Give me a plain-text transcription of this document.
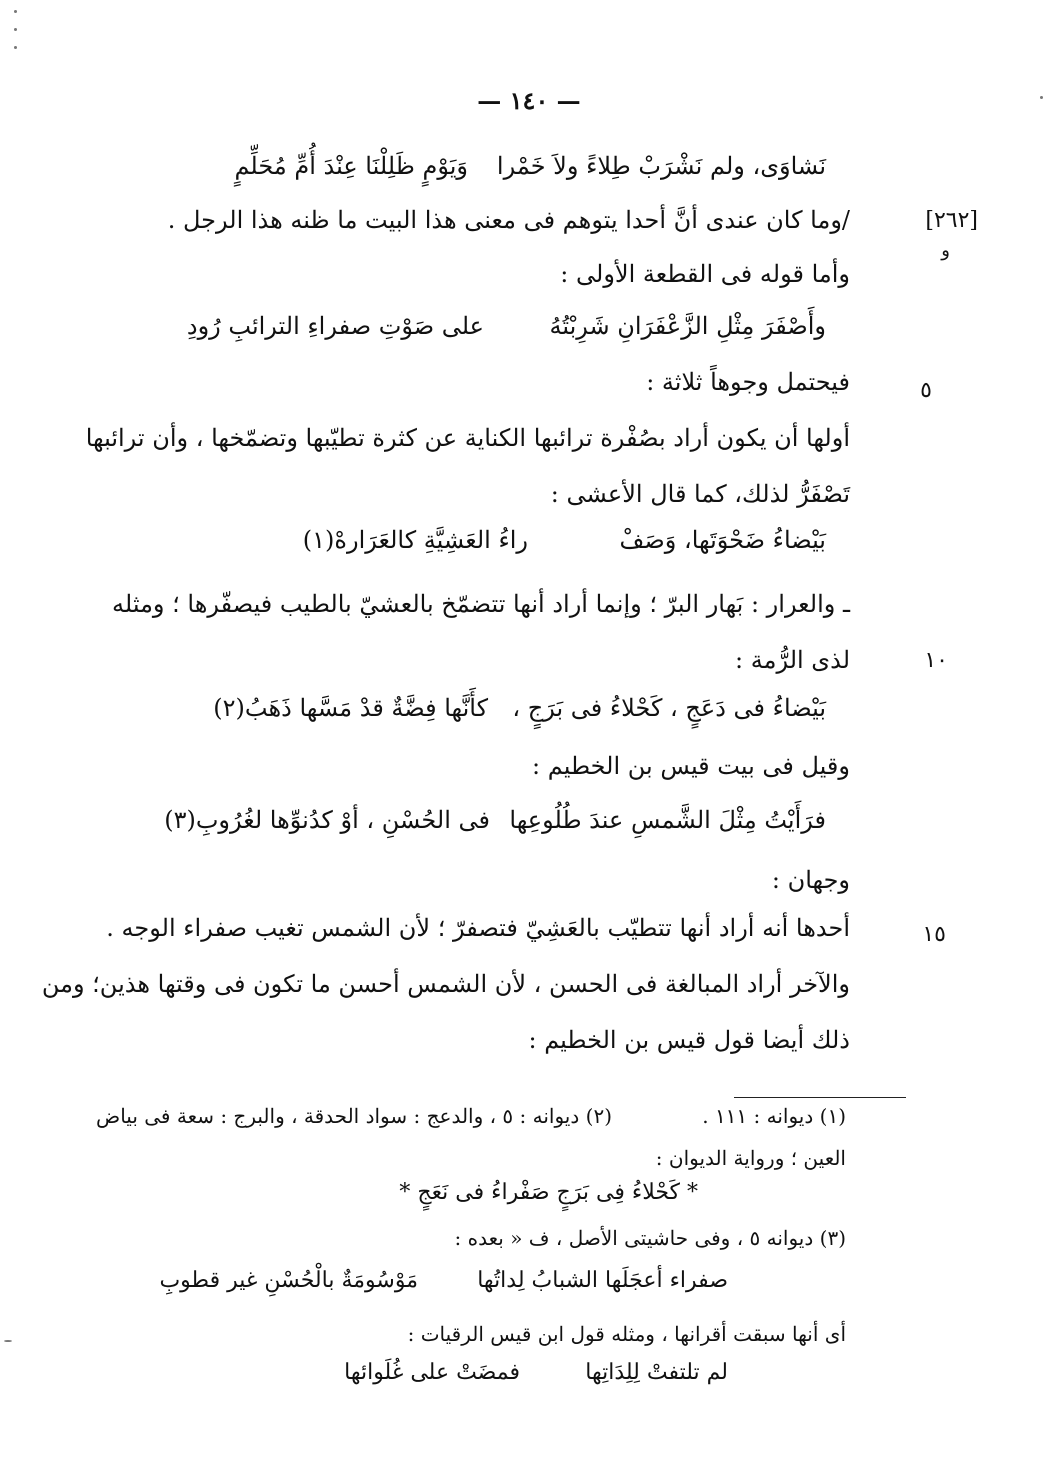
— ١٤٠ —
[٢٦٢]
و
٥
١٠
١٥
وَيَوْمٍ ظَلِلْنَا عِنْدَ أُمِّ مُحَلِّمٍ نَشاوَى، ولم نَشْرَبْ طِلاءً ولاَ خَمْرا
/وما كان عندى أنَّ أحدا يتوهم فى معنى هذا البيت ما ظنه هذا الرجل .
وأما قوله فى القطعة الأولى :
وأَصْفَرَ مِثْلِ الزَّعْفَرَانِ شَرِبْتُهُ
على صَوْتِ صفراءِ الترائبِ رُودِ
فيحتمل وجوهاً ثلاثة :
أولها أن يكون أراد بصُفْرة ترائبها الكناية عن كثرة تطيّبها وتضمّخها ، وأن ترائبها
تَصْفَرُّ لذلك، كما قال الأعشى :
بَيْضاءُ ضَحْوَتَها، وَصَفْ
راءُ العَشِيَّةِ كالعَرَارهْ(١)
ـ والعرار : بَهار البرّ ؛ وإنما أراد أنها تتضمّخ بالعشيّ بالطيب فيصفّرها ؛ ومثله
لذى الرُّمة :
بَيْضاءُ فى دَعَجٍ ، كَحْلاءُ فى بَرَجٍ ،
كأَنَّها فِضَّةٌ قدْ مَسَّها ذَهَبُ(٢)
وقيل فى بيت قيس بن الخطيم :
فرَأَيْتُ مِثْلَ الشَّمسِ عندَ طُلُوعِها
فى الحُسْنِ ، أوْ كدُنوِّها لغُرُوبِ(٣)
وجهان :
أحدها أنه أراد أنها تتطيّب بالعَشِيّ فتصفرّ ؛ لأن الشمس تغيب صفراء الوجه .
والآخر أراد المبالغة فى الحسن ، لأن الشمس أحسن ما تكون فى وقتها هذين؛ ومن
ذلك أيضا قول قيس بن الخطيم :
(١) ديوانه : ١١١ .
(٢) ديوانه : ٥ ، والدعج : سواد الحدقة ، والبرج : سعة فى بياض
العين ؛ ورواية الديوان :
* كَحْلاءُ فِى بَرَجٍ صَفْراءُ فى نَعَجٍ *
(٣) ديوانه ٥ ، وفى حاشيتى الأصل ، ف « بعده :
صفراء أعجَلَها الشبابُ لِداتُها
مَوْسُومَةٌ بالْحُسْنِ غير قطوبِ
أى أنها سبقت أقرانها ، ومثله قول ابن قيس الرقيات :
لم تلتفتْ لِلِدَاتِها
فمضَتْ على غُلَوائها
